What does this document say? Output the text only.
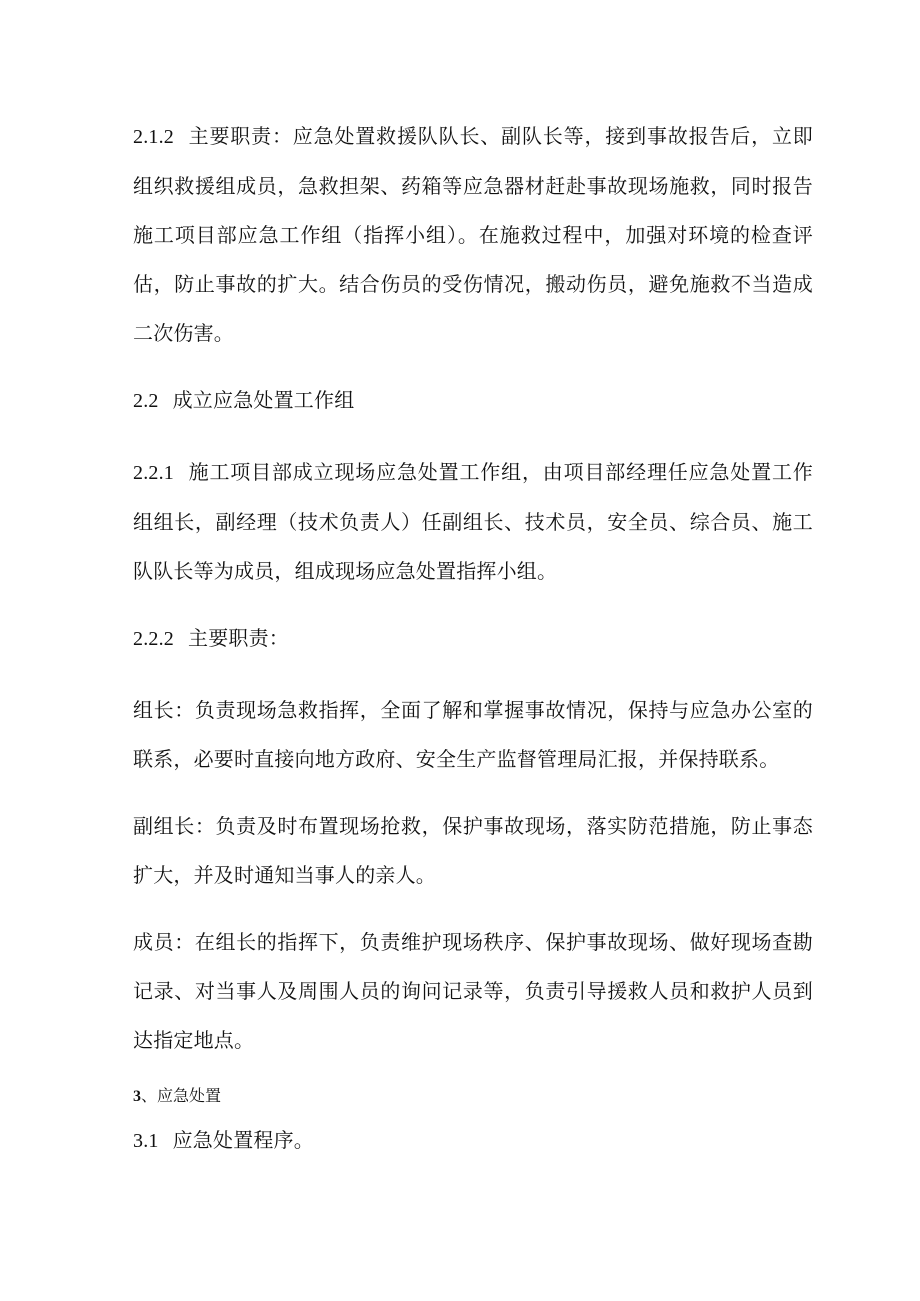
2.1.2 主要职责：应急处置救援队队长、副队长等，接到事故报告后，立即组织救援组成员，急救担架、药箱等应急器材赶赴事故现场施救，同时报告施工项目部应急工作组（指挥小组）。在施救过程中，加强对环境的检查评估，防止事故的扩大。结合伤员的受伤情况，搬动伤员，避免施救不当造成二次伤害。

2.2 成立应急处置工作组

2.2.1 施工项目部成立现场应急处置工作组，由项目部经理任应急处置工作组组长，副经理（技术负责人）任副组长、技术员，安全员、综合员、施工队队长等为成员，组成现场应急处置指挥小组。

2.2.2 主要职责：

组长：负责现场急救指挥，全面了解和掌握事故情况，保持与应急办公室的联系，必要时直接向地方政府、安全生产监督管理局汇报，并保持联系。

副组长：负责及时布置现场抢救，保护事故现场，落实防范措施，防止事态扩大，并及时通知当事人的亲人。

成员：在组长的指挥下，负责维护现场秩序、保护事故现场、做好现场查勘记录、对当事人及周围人员的询问记录等，负责引导援救人员和救护人员到达指定地点。

3、应急处置

3.1 应急处置程序。
